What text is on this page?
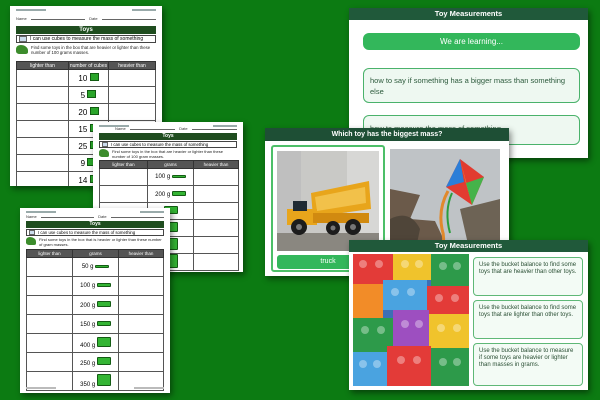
Name	Date
Toys
I can use cubes to measure the mass of something
Find some toys in the box that are heavier or lighter than these number of 100 grams masses.
lighter than	number of cubes	heavier than
	10	
	5	
	20	
	15	
	25	
	9	
	14	
Name	Date
Toys
I can use cubes to measure the mass of something
Find some toys in the box that are heavier or lighter than these number of 100 gram masses.
lighter than	grams	heavier than
	100 g	
	200 g	

Name	Date
Toys
I can use cubes to measure the mass of something
Find some toys in the box that is heavier or lighter than these number of gram masses.
lighter than	grams	heavier than
	50 g	
	100 g	
	200 g	
	150 g	
	400 g	
	250 g	
	350 g	
Toy Measurements
We are learning...
how to say if something has a bigger mass than something else
Which toy has the biggest mass?
truck
Toy Measurements
Use the bucket balance to find some toys that are heavier than other toys.
Use the bucket balance to find some toys that are lighter than other toys.
Use the bucket balance to measure if some toys are heavier or lighter than masses in grams.
